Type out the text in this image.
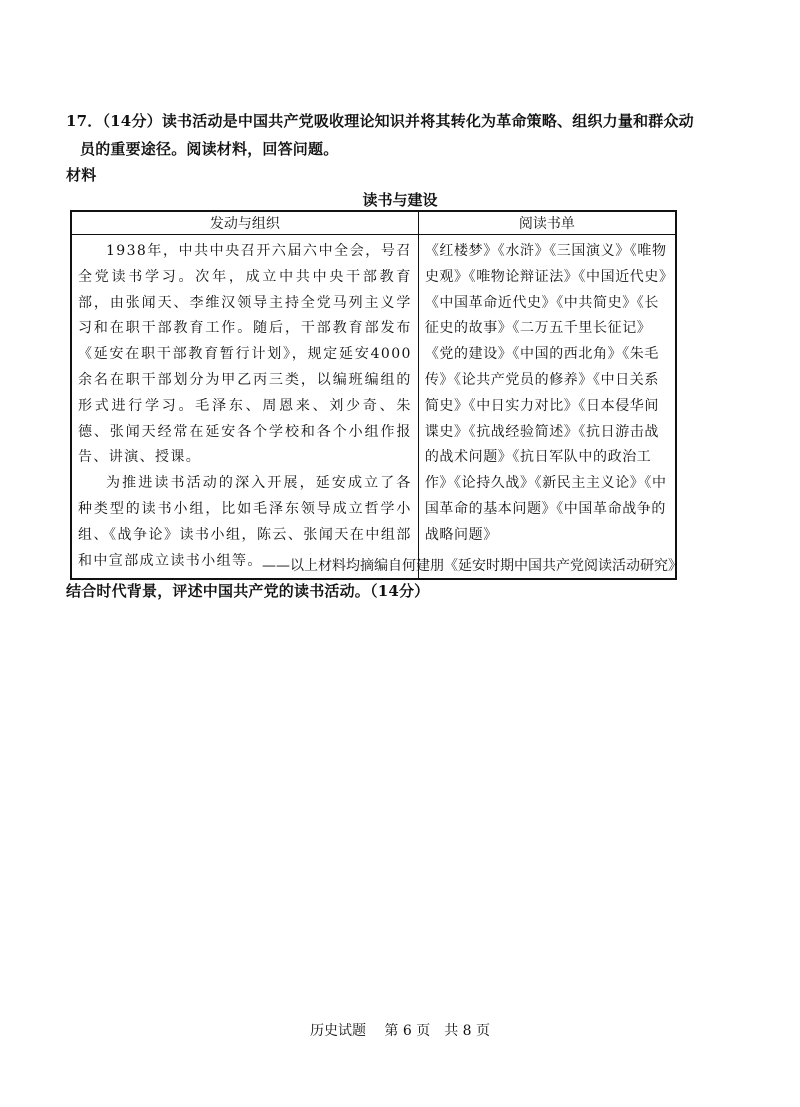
17．（14分）读书活动是中国共产党吸收理论知识并将其转化为革命策略、组织力量和群众动
员的重要途径。阅读材料，回答问题。
材料
读书与建设
发动与组织	阅读书单

1938年，中共中央召开六届六中全会，号召全党读书学习。次年，成立中共中央干部教育部，由张闻天、李维汉领导主持全党马列主义学习和在职干部教育工作。随后，干部教育部发布《延安在职干部教育暂行计划》，规定延安4000余名在职干部划分为甲乙丙三类，以编班编组的形式进行学习。毛泽东、周恩来、刘少奇、朱德、张闻天经常在延安各个学校和各个小组作报告、讲演、授课。

为推进读书活动的深入开展，延安成立了各种类型的读书小组，比如毛泽东领导成立哲学小组、《战争论》读书小组，陈云、张闻天在中组部和中宣部成立读书小组等。	《红楼梦》《水浒》《三国演义》《唯物史观》《唯物论辩证法》《中国近代史》《中国革命近代史》《中共简史》《长征史的故事》《二万五千里长征记》《党的建设》《中国的西北角》《朱毛传》《论共产党员的修养》《中日关系简史》《中日实力对比》《日本侵华间谍史》《抗战经验简述》《抗日游击战的战术问题》《抗日军队中的政治工作》《论持久战》《新民主主义论》《中国革命的基本问题》《中国革命战争的战略问题》

——以上材料均摘编自何建朋《延安时期中国共产党阅读活动研究》
结合时代背景，评述中国共产党的读书活动。（14分）
历史试题　 第 6 页　共 8 页
